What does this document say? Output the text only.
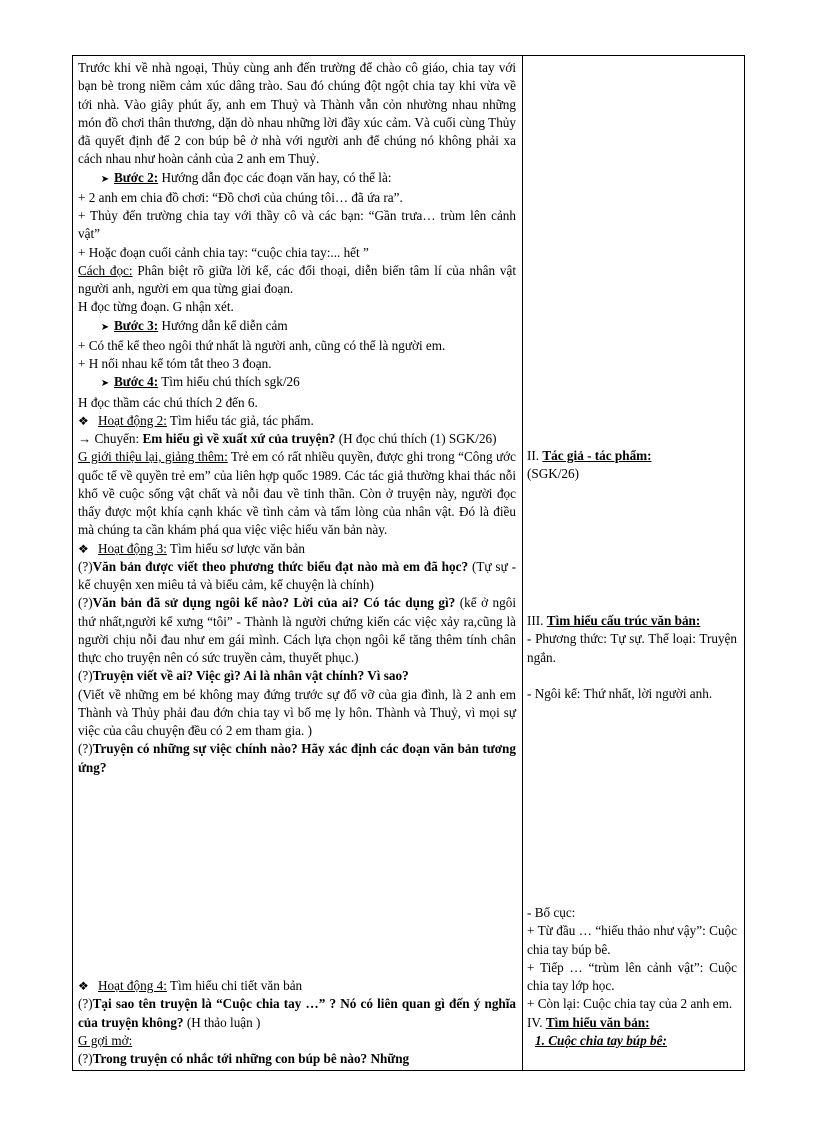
Trước khi về nhà ngoại, Thủy cùng anh đến trường để chào cô giáo, chia tay với bạn bè trong niềm cảm xúc dâng trào. Sau đó chúng đột ngột chia tay khi vừa về tới nhà. Vào giây phút ấy, anh em Thuỷ và Thành vẫn cỏn nhường nhau những món đồ chơi thân thương, dặn dò nhau những lời đầy xúc cảm. Và cuối cùng Thủy đã quyết định để 2 con búp bê ở nhà với người anh để chúng nó không phải xa cách nhau như hoàn cảnh của 2 anh em Thuỷ.

➤ Bước 2: Hướng dẫn đọc các đoạn văn hay, có thể là:

+ 2 anh em chia đồ chơi: “Đồ chơi của chúng tôi… đã ứa ra”.

+ Thủy đến trường chia tay với thầy cô và các bạn: “Gần trưa… trùm lên cảnh vật”

+ Hoặc đoạn cuối cảnh chia tay: “cuộc chia tay:... hết ”

Cách đọc: Phân biệt rõ giữa lời kể, các đối thoại, diễn biến tâm lí của nhân vật người anh, người em qua từng giai đoạn.

H đọc từng đoạn. G nhận xét.

➤ Bước 3: Hướng dẫn kể diễn cảm

+ Có thể kể theo ngôi thứ nhất là người anh, cũng có thể là người em.

+ H nối nhau kể tóm tắt theo 3 đoạn.

➤ Bước 4: Tìm hiểu chú thích sgk/26

H đọc thầm các chú thích 2 đến 6.

❖ Hoạt động 2: Tìm hiểu tác giả, tác phẩm.

→ Chuyển: Em hiểu gì về xuất xứ của truyện? (H đọc chú thích (1) SGK/26)

G giới thiệu lại, giảng thêm: Trẻ em có rất nhiều quyền, được ghi trong “Công ước quốc tế về quyền trẻ em” của liên hợp quốc 1989. Các tác giả thường khai thác nỗi khổ về cuộc sống vật chất và nỗi đau về tinh thần. Còn ở truyện này, người đọc thấy được một khía cạnh khác về tình cảm và tấm lòng của nhân vật. Đó là điều mà chúng ta cần khám phá qua việc việc hiểu văn bản này.

❖ Hoạt động 3: Tìm hiểu sơ lược văn bản

(?)Văn bản được viết theo phương thức biểu đạt nào mà em đã học? (Tự sự - kể chuyện xen miêu tả và biểu cảm, kể chuyện là chính)

(?)Văn bản đã sử dụng ngôi kể nào? Lời của ai? Có tác dụng gì? (kể ở ngôi thứ nhất,người kể xưng “tôi” - Thành là người chứng kiến các việc xảy ra,cũng là người chịu nỗi đau như em gái mình. Cách lựa chọn ngôi kể tăng thêm tính chân thực cho truyện nên có sức truyền cảm, thuyết phục.)

(?)Truyện viết về ai? Việc gì? Ai là nhân vật chính? Vì sao?

(Viết về những em bé không may đứng trước sự đổ vỡ của gia đình, là 2 anh em Thành và Thủy phải đau đớn chia tay vì bố mẹ ly hôn. Thành và Thuỷ, vì mọi sự việc của câu chuyện đều có 2 em tham gia. )

(?)Truyện có những sự việc chính nào? Hãy xác định các đoạn văn bản tương ứng?

❖ Hoạt động 4: Tìm hiểu chi tiết văn bản

(?)Tại sao tên truyện là “Cuộc chia tay …” ? Nó có liên quan gì đến ý nghĩa của truyện không? (H thảo luận )

G gợi mở:

(?)Trong truyện có nhắc tới những con búp bê nào? Những

II. Tác giả - tác phẩm:

(SGK/26)

III. Tìm hiểu cấu trúc văn bản:

- Phương thức: Tự sự. Thể loại: Truyện ngắn.

- Ngôi kể: Thứ nhất, lời người anh.

- Bố cục:

+ Từ đầu … “hiếu thảo như vậy”: Cuộc chia tay búp bê.

+ Tiếp … “trùm lên cảnh vật”: Cuộc chia tay lớp học.

+ Còn lại: Cuộc chia tay của 2 anh em.

IV. Tìm hiểu văn bản:

1. Cuộc chia tay búp bê:
